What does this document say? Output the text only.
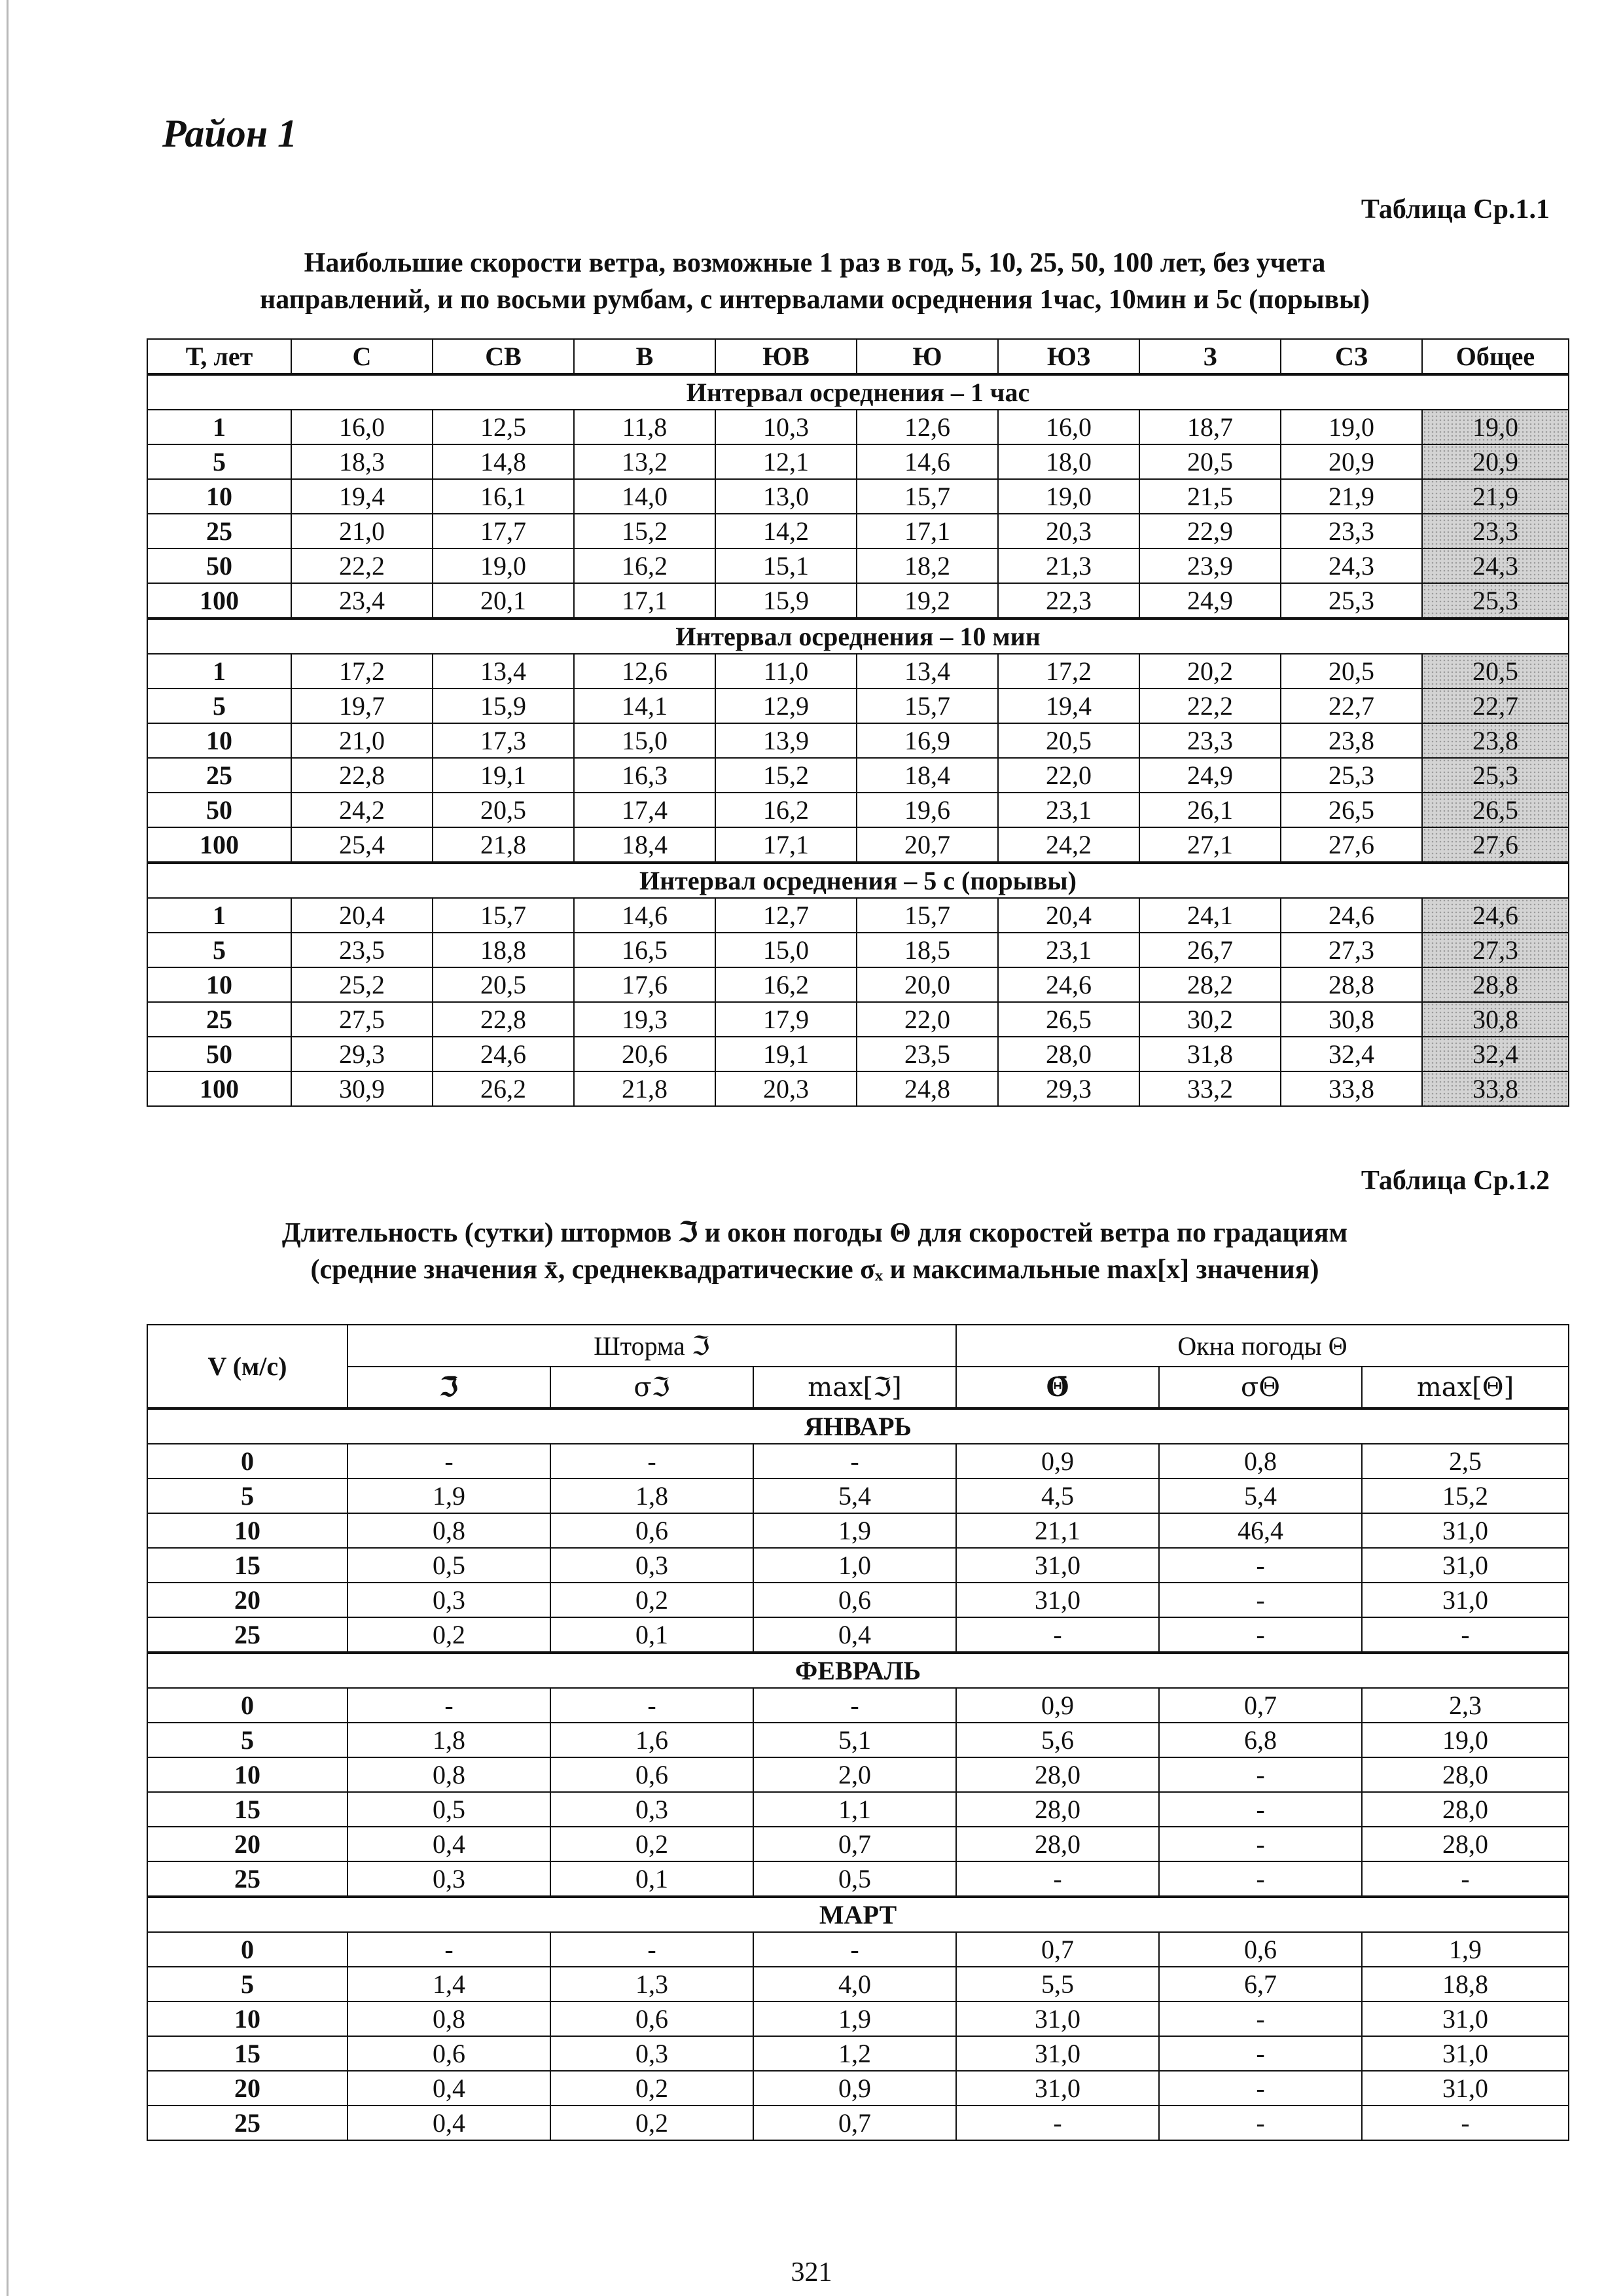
Район 1
Таблица Ср.1.1
Наибольшие скорости ветра, возможные 1 раз в год, 5, 10, 25, 50, 100 лет, без учета
направлений, и по восьми румбам, с интервалами осреднения 1час, 10мин и 5с (порывы)
Т, лет	С	СВ	В	ЮВ	Ю	ЮЗ	З	СЗ	Общее
Интервал осреднения – 1 час									
1	16,0	12,5	11,8	10,3	12,6	16,0	18,7	19,0	19,0
5	18,3	14,8	13,2	12,1	14,6	18,0	20,5	20,9	20,9
10	19,4	16,1	14,0	13,0	15,7	19,0	21,5	21,9	21,9
25	21,0	17,7	15,2	14,2	17,1	20,3	22,9	23,3	23,3
50	22,2	19,0	16,2	15,1	18,2	21,3	23,9	24,3	24,3
100	23,4	20,1	17,1	15,9	19,2	22,3	24,9	25,3	25,3
Интервал осреднения – 10 мин									
1	17,2	13,4	12,6	11,0	13,4	17,2	20,2	20,5	20,5
5	19,7	15,9	14,1	12,9	15,7	19,4	22,2	22,7	22,7
10	21,0	17,3	15,0	13,9	16,9	20,5	23,3	23,8	23,8
25	22,8	19,1	16,3	15,2	18,4	22,0	24,9	25,3	25,3
50	24,2	20,5	17,4	16,2	19,6	23,1	26,1	26,5	26,5
100	25,4	21,8	18,4	17,1	20,7	24,2	27,1	27,6	27,6
Интервал осреднения – 5 с (порывы)									
1	20,4	15,7	14,6	12,7	15,7	20,4	24,1	24,6	24,6
5	23,5	18,8	16,5	15,0	18,5	23,1	26,7	27,3	27,3
10	25,2	20,5	17,6	16,2	20,0	24,6	28,2	28,8	28,8
25	27,5	22,8	19,3	17,9	22,0	26,5	30,2	30,8	30,8
50	29,3	24,6	20,6	19,1	23,5	28,0	31,8	32,4	32,4
100	30,9	26,2	21,8	20,3	24,8	29,3	33,2	33,8	33,8
Таблица Ср.1.2
Длительность (сутки) штормов ℑ и окон погоды Θ для скоростей ветра по градациям
(средние значения x̄, среднеквадратические σₓ и максимальные max[x] значения)
V (м/с)	Шторма ℑ			Окна погоды Θ		
	ℑ̄	σℑ	max[ℑ]	Θ̄	σΘ	max[Θ]
ЯНВАРЬ						
0	-	-	-	0,9	0,8	2,5
5	1,9	1,8	5,4	4,5	5,4	15,2
10	0,8	0,6	1,9	21,1	46,4	31,0
15	0,5	0,3	1,0	31,0	-	31,0
20	0,3	0,2	0,6	31,0	-	31,0
25	0,2	0,1	0,4	-	-	-
ФЕВРАЛЬ						
0	-	-	-	0,9	0,7	2,3
5	1,8	1,6	5,1	5,6	6,8	19,0
10	0,8	0,6	2,0	28,0	-	28,0
15	0,5	0,3	1,1	28,0	-	28,0
20	0,4	0,2	0,7	28,0	-	28,0
25	0,3	0,1	0,5	-	-	-
МАРТ						
0	-	-	-	0,7	0,6	1,9
5	1,4	1,3	4,0	5,5	6,7	18,8
10	0,8	0,6	1,9	31,0	-	31,0
15	0,6	0,3	1,2	31,0	-	31,0
20	0,4	0,2	0,9	31,0	-	31,0
25	0,4	0,2	0,7	-	-	-
321
